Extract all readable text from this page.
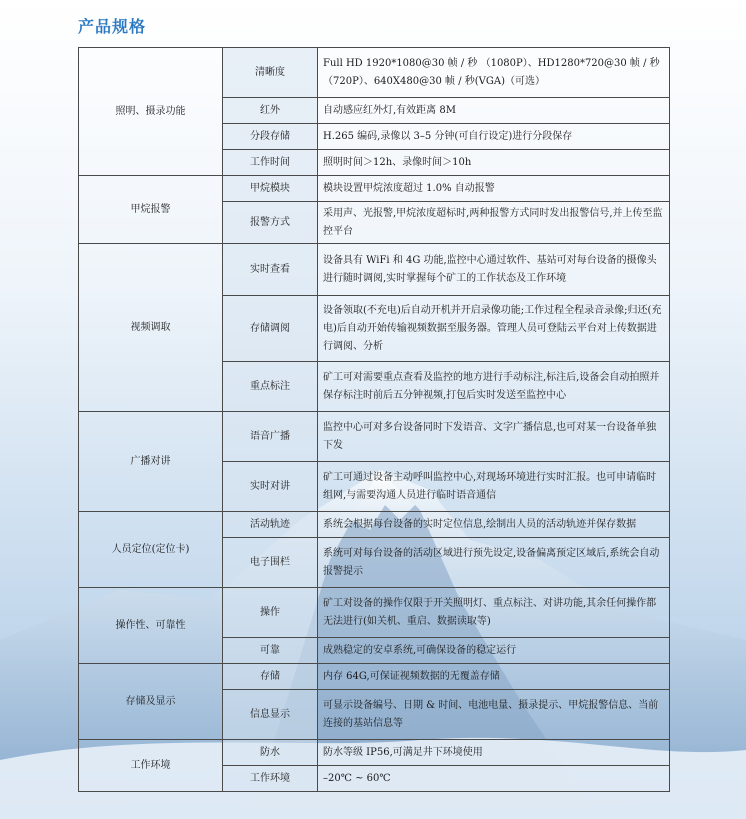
产品规格
照明、摄录功能	清晰度	Full HD 1920*1080@30 帧 / 秒 （1080P）、HD1280*720@30 帧 / 秒（720P）、640X480@30 帧 / 秒(VGA)（可选）
	红外	自动感应红外灯,有效距离 8M
	分段存储	H.265 编码,录像以 3–5 分钟(可自行设定)进行分段保存
	工作时间	照明时间＞12h、录像时间＞10h
甲烷报警	甲烷模块	模块设置甲烷浓度超过 1.0% 自动报警
	报警方式	采用声、光报警,甲烷浓度超标时,两种报警方式同时发出报警信号,并上传至监控平台
视频调取	实时查看	设备具有 WiFi 和 4G 功能,监控中心通过软件、基站可对每台设备的摄像头进行随时调阅,实时掌握每个矿工的工作状态及工作环境
	存储调阅	设备领取(不充电)后自动开机并开启录像功能;工作过程全程录音录像;归还(充电)后自动开始传输视频数据至服务器。管理人员可登陆云平台对上传数据进行调阅、分析
	重点标注	矿工可对需要重点查看及监控的地方进行手动标注,标注后,设备会自动拍照并保存标注时前后五分钟视频,打包后实时发送至监控中心
广播对讲	语音广播	监控中心可对多台设备同时下发语音、文字广播信息,也可对某一台设备单独下发
	实时对讲	矿工可通过设备主动呼叫监控中心,对现场环境进行实时汇报。也可申请临时组网,与需要沟通人员进行临时语音通信
人员定位(定位卡)	活动轨迹	系统会根据每台设备的实时定位信息,绘制出人员的活动轨迹并保存数据
	电子围栏	系统可对每台设备的活动区域进行预先设定,设备偏离预定区域后,系统会自动报警提示
操作性、可靠性	操作	矿工对设备的操作仅限于开关照明灯、重点标注、对讲功能,其余任何操作都无法进行(如关机、重启、数据读取等)
	可靠	成熟稳定的安卓系统,可确保设备的稳定运行
存储及显示	存储	内存 64G,可保证视频数据的无覆盖存储
	信息显示	可显示设备编号、日期 & 时间、电池电量、摄录提示、甲烷报警信息、当前连接的基站信息等
工作环境	防水	防水等级 IP56,可满足井下环境使用
	工作环境	–20℃ ~ 60℃
